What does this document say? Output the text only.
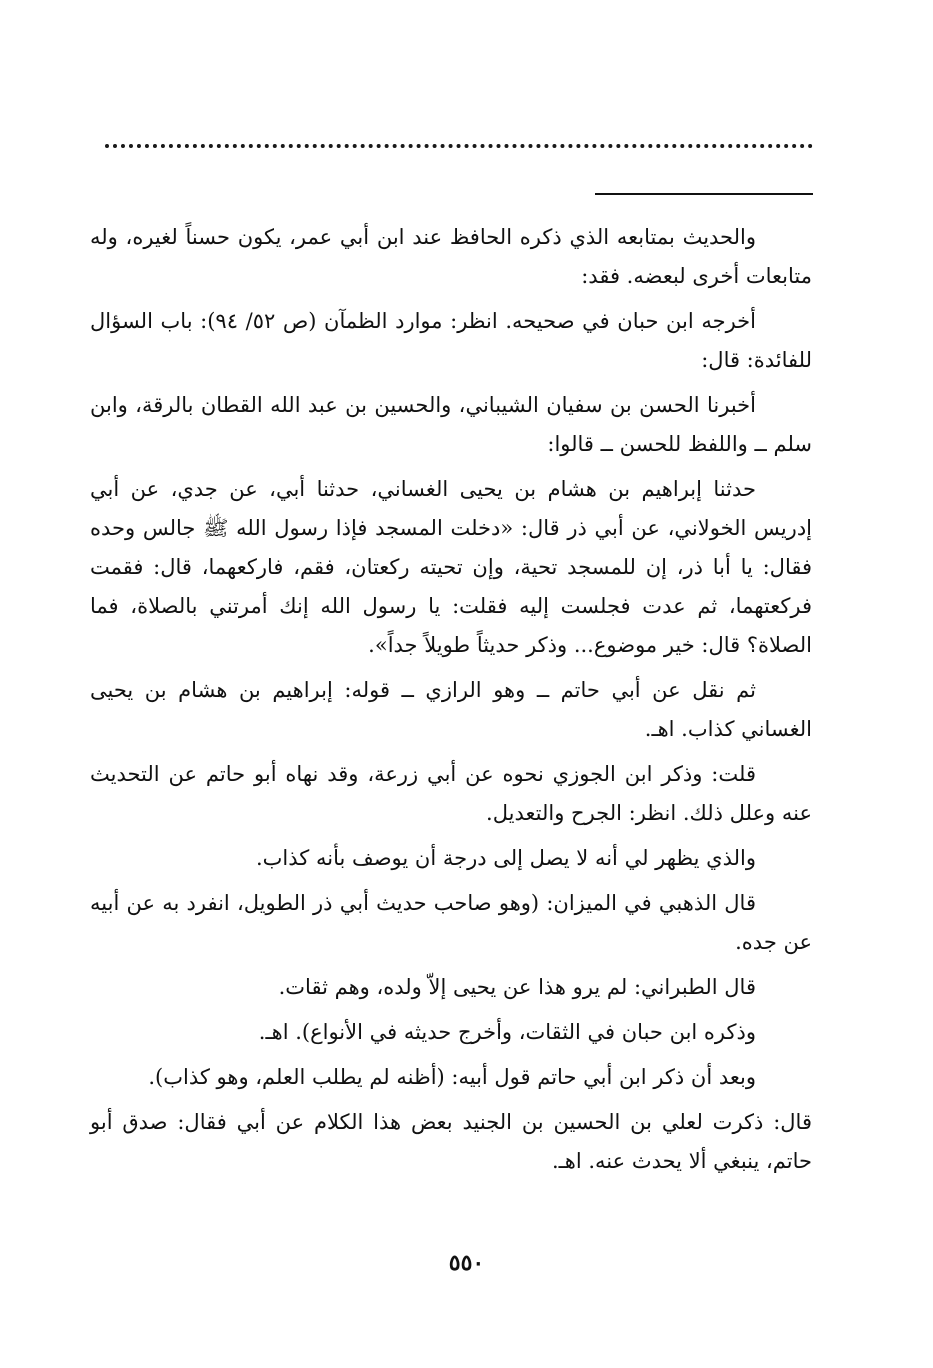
والحديث بمتابعه الذي ذكره الحافظ عند ابن أبي عمر، يكون حسناً لغيره، وله متابعات أخرى لبعضه. فقد:

أخرجه ابن حبان في صحيحه. انظر: موارد الظمآن (ص ٥٢/ ٩٤): باب السؤال للفائدة: قال:

أخبرنا الحسن بن سفيان الشيباني، والحسين بن عبد الله القطان بالرقة، وابن سلم ــ واللفظ للحسن ــ قالوا:

حدثنا إبراهيم بن هشام بن يحيى الغساني، حدثنا أبي، عن جدي، عن أبي إدريس الخولاني، عن أبي ذر قال: «دخلت المسجد فإذا رسول الله ﷺ جالس وحده فقال: يا أبا ذر، إن للمسجد تحية، وإن تحيته ركعتان، فقم، فاركعهما، قال: فقمت فركعتهما، ثم عدت فجلست إليه فقلت: يا رسول الله إنك أمرتني بالصلاة، فما الصلاة؟ قال: خير موضوع... وذكر حديثاً طويلاً جداً».

ثم نقل عن أبي حاتم ــ وهو الرازي ــ قوله: إبراهيم بن هشام بن يحيى الغساني كذاب. اهـ.

قلت: وذكر ابن الجوزي نحوه عن أبي زرعة، وقد نهاه أبو حاتم عن التحديث عنه وعلل ذلك. انظر: الجرح والتعديل.

والذي يظهر لي أنه لا يصل إلى درجة أن يوصف بأنه كذاب.

قال الذهبي في الميزان: (وهو صاحب حديث أبي ذر الطويل، انفرد به عن أبيه عن جده.

قال الطبراني: لم يرو هذا عن يحيى إلاّ ولده، وهم ثقات.

وذكره ابن حبان في الثقات، وأخرج حديثه في الأنواع). اهـ.

وبعد أن ذكر ابن أبي حاتم قول أبيه: (أظنه لم يطلب العلم، وهو كذاب).

قال: ذكرت لعلي بن الحسين بن الجنيد بعض هذا الكلام عن أبي فقال: صدق أبو حاتم، ينبغي ألا يحدث عنه. اهـ.

٥٥٠
